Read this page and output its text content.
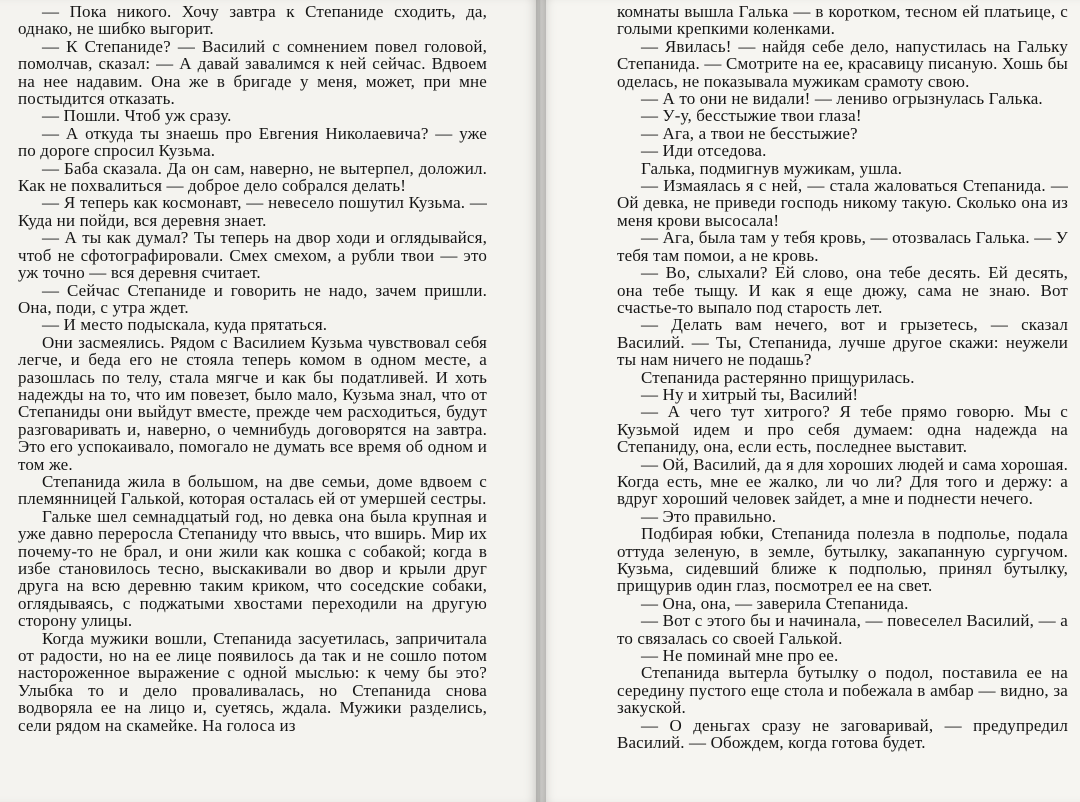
— Пока никого. Хочу завтра к Степаниде сходить, да, однако, не шибко выгорит.

— К Степаниде? — Василий с сомнением повел головой, помолчав, сказал: — А давай завалимся к ней сейчас. Вдвоем на нее надавим. Она же в бригаде у меня, может, при мне постыдится отказать.

— Пошли. Чтоб уж сразу.

— А откуда ты знаешь про Евгения Николаевича? — уже по дороге спросил Кузьма.

— Баба сказала. Да он сам, наверно, не вытерпел, доложил. Как не похвалиться — доброе дело собрался делать!

— Я теперь как космонавт, — невесело пошутил Кузьма. — Куда ни пойди, вся деревня знает.

— А ты как думал? Ты теперь на двор ходи и оглядывайся, чтоб не сфотографировали. Смех смехом, а рубли твои — это уж точно — вся деревня считает.

— Сейчас Степаниде и говорить не надо, зачем пришли. Она, поди, с утра ждет.

— И место подыскала, куда прятаться.

Они засмеялись. Рядом с Василием Кузьма чувствовал себя легче, и беда его не стояла теперь комом в одном месте, а разошлась по телу, стала мягче и как бы податливей. И хоть надежды на то, что им повезет, было мало, Кузьма знал, что от Степаниды они выйдут вместе, прежде чем расходиться, будут разговаривать и, наверно, о чемнибудь договорятся на завтра. Это его успокаивало, помогало не думать все время об одном и том же.

Степанида жила в большом, на две семьи, доме вдвоем с племянницей Галькой, которая осталась ей от умершей сестры.

Гальке шел семнадцатый год, но девка она была крупная и уже давно переросла Степаниду что ввысь, что вширь. Мир их почему-то не брал, и они жили как кошка с собакой; когда в избе становилось тесно, выскакивали во двор и крыли друг друга на всю деревню таким криком, что соседские собаки, оглядываясь, с поджатыми хвостами переходили на другую сторону улицы.

Когда мужики вошли, Степанида засуетилась, запричитала от радости, но на ее лице появилось да так и не сошло потом настороженное выражение с одной мыслью: к чему бы это? Улыбка то и дело проваливалась, но Степанида снова водворяла ее на лицо и, суетясь, ждала. Мужики разделись, сели рядом на скамейке. На голоса из

комнаты вышла Галька — в коротком, тесном ей платьице, с голыми крепкими коленками.

— Явилась! — найдя себе дело, напустилась на Гальку Степанида. — Смотрите на ее, красавицу писаную. Хошь бы оделась, не показывала мужикам срамоту свою.

— А то они не видали! — лениво огрызнулась Галька.

— У-у, бесстыжие твои глаза!

— Ага, а твои не бесстыжие?

— Иди отседова.

Галька, подмигнув мужикам, ушла.

— Измаялась я с ней, — стала жаловаться Степанида. — Ой девка, не приведи господь никому такую. Сколько она из меня крови высосала!

— Ага, была там у тебя кровь, — отозвалась Галька. — У тебя там помои, а не кровь.

— Во, слыхали? Ей слово, она тебе десять. Ей десять, она тебе тыщу. И как я еще дюжу, сама не знаю. Вот счастье-то выпало под старость лет.

— Делать вам нечего, вот и грызетесь, — сказал Василий. — Ты, Степанида, лучше другое скажи: неужели ты нам ничего не подашь?

Степанида растерянно прищурилась.

— Ну и хитрый ты, Василий!

— А чего тут хитрого? Я тебе прямо говорю. Мы с Кузьмой идем и про себя думаем: одна надежда на Степаниду, она, если есть, последнее выставит.

— Ой, Василий, да я для хороших людей и сама хорошая. Когда есть, мне ее жалко, ли чо ли? Для того и держу: а вдруг хороший человек зайдет, а мне и поднести нечего.

— Это правильно.

Подбирая юбки, Степанида полезла в подполье, подала оттуда зеленую, в земле, бутылку, закапанную сургучом. Кузьма, сидевший ближе к подполью, принял бутылку, прищурив один глаз, посмотрел ее на свет.

— Она, она, — заверила Степанида.

— Вот с этого бы и начинала, — повеселел Василий, — а то связалась со своей Галькой.

— Не поминай мне про ее.

Степанида вытерла бутылку о подол, поставила ее на середину пустого еще стола и побежала в амбар — видно, за закуской.

— О деньгах сразу не заговаривай, — предупредил Василий. — Обождем, когда готова будет.
